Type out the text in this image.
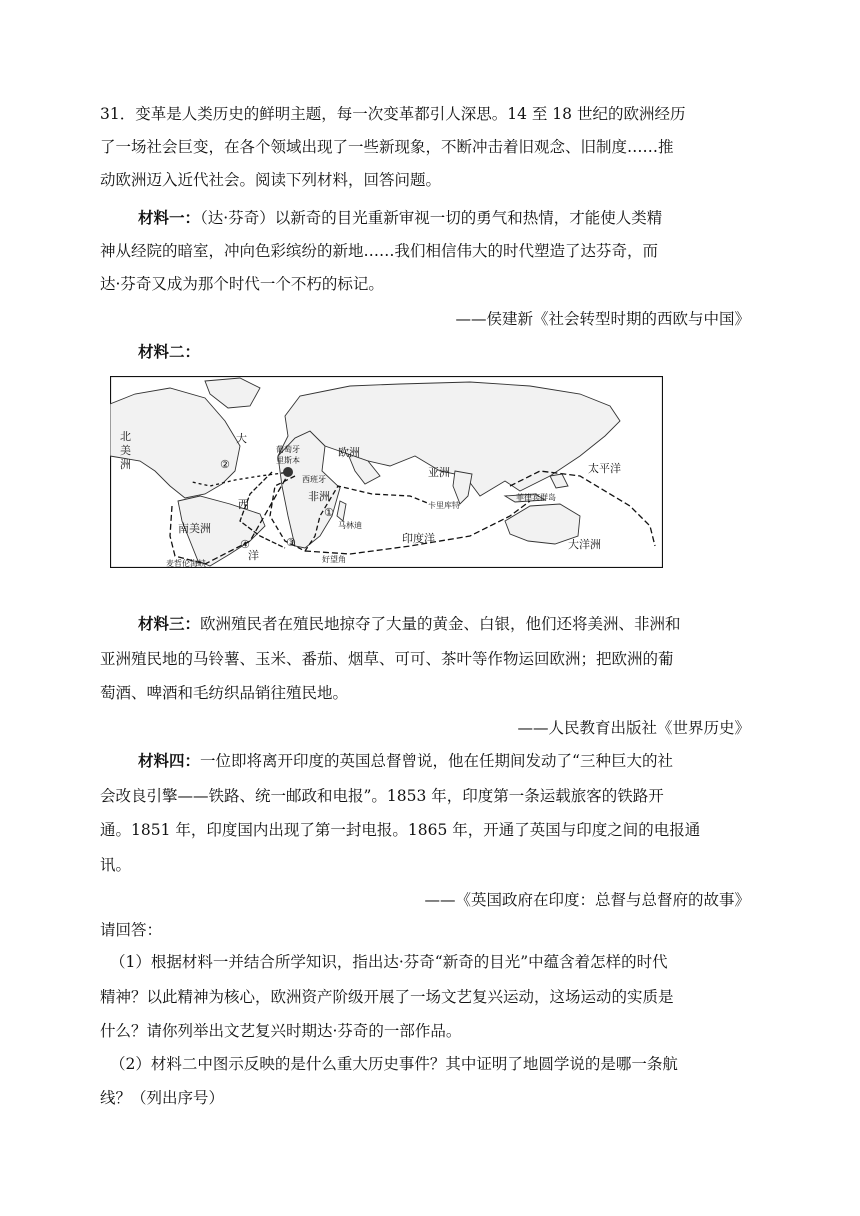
31．变革是人类历史的鲜明主题，每一次变革都引人深思。14 至 18 世纪的欧洲经历
了一场社会巨变，在各个领域出现了一些新现象，不断冲击着旧观念、旧制度……推
动欧洲迈入近代社会。阅读下列材料，回答问题。
材料一：（达·芬奇）以新奇的目光重新审视一切的勇气和热情，才能使人类精
神从经院的暗室，冲向色彩缤纷的新地……我们相信伟大的时代塑造了达芬奇，而
达·芬奇又成为那个时代一个不朽的标记。
——侯建新《社会转型时期的西欧与中国》
材料二：
北
美
洲
大
西
洋
葡萄牙
里斯本
西班牙
欧洲
亚洲
非洲
太平洋
菲律宾群岛
卡里库特
马林迪
印度洋
南美洲
大洋洲
好望角
麦哲伦海峡
②
①
③
④
材料三：欧洲殖民者在殖民地掠夺了大量的黄金、白银，他们还将美洲、非洲和
亚洲殖民地的马铃薯、玉米、番茄、烟草、可可、茶叶等作物运回欧洲；把欧洲的葡
萄酒、啤酒和毛纺织品销往殖民地。
——人民教育出版社《世界历史》
材料四：一位即将离开印度的英国总督曾说，他在任期间发动了“三种巨大的社
会改良引擎——铁路、统一邮政和电报”。1853 年，印度第一条运载旅客的铁路开
通。1851 年，印度国内出现了第一封电报。1865 年，开通了英国与印度之间的电报通
讯。
——《英国政府在印度：总督与总督府的故事》
请回答：
（1）根据材料一并结合所学知识，指出达·芬奇“新奇的目光”中蕴含着怎样的时代
精神？以此精神为核心，欧洲资产阶级开展了一场文艺复兴运动，这场运动的实质是
什么？请你列举出文艺复兴时期达·芬奇的一部作品。
（2）材料二中图示反映的是什么重大历史事件？其中证明了地圆学说的是哪一条航
线？（列出序号）
